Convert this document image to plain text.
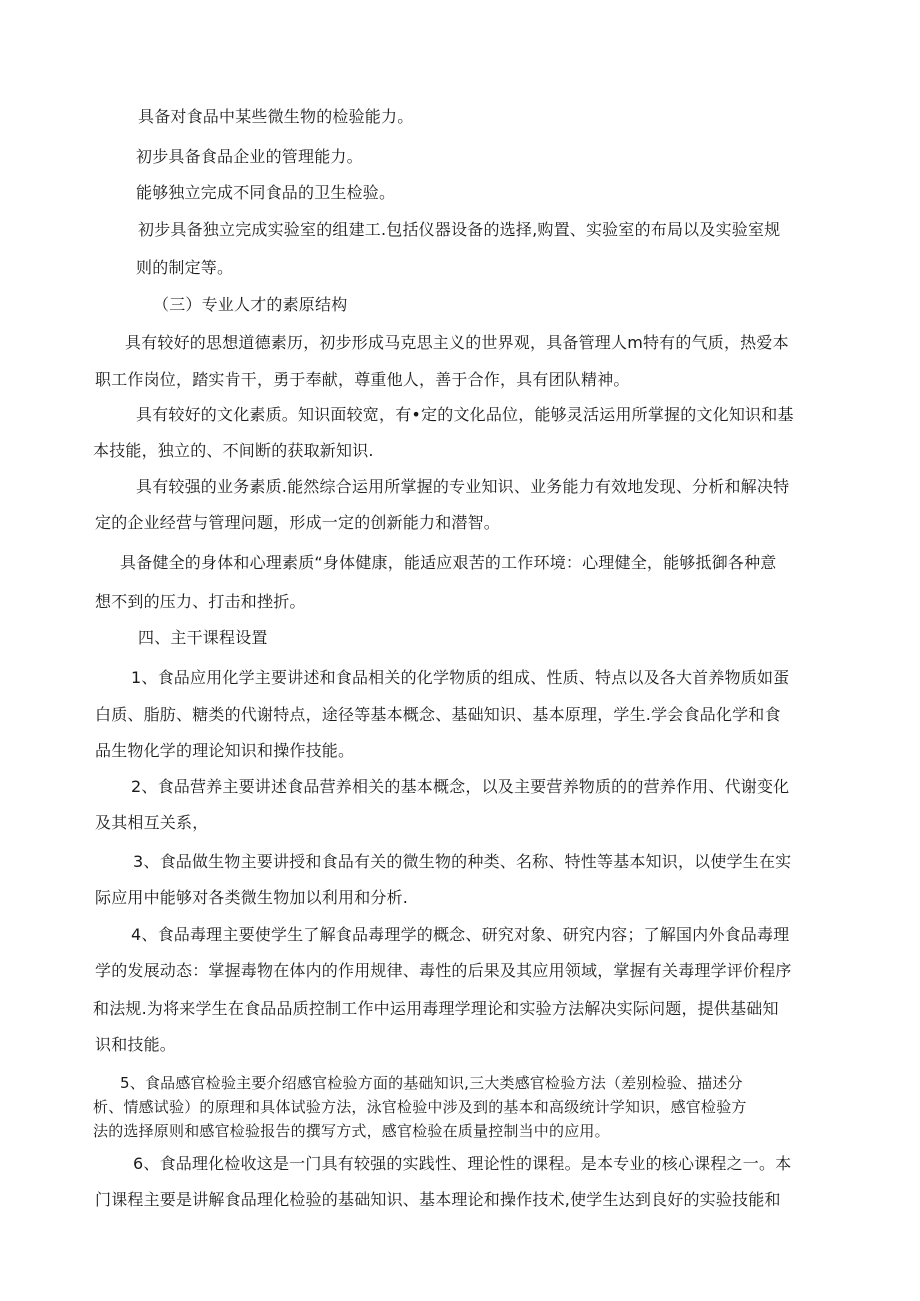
具备对食品中某些微生物的检验能力。
初步具备食品企业的管理能力。
能够独立完成不同食品的卫生检验。
初步具备独立完成实验室的组建工.包括仪器设备的选择,购置、实验室的布局以及实验室规
则的制定等。
（三）专业人才的素原结构
具有较好的思想道德素历，初步形成马克思主义的世界观，具备管理人m特有的气质，热爱本
职工作岗位，踏实肯干，勇于奉献，尊重他人，善于合作，具有团队精神。
具有较好的文化素质。知识面较宽，有•定的文化品位，能够灵活运用所掌握的文化知识和基
本技能，独立的、不间断的获取新知识.
具有较强的业务素质.能然综合运用所掌握的专业知识、业务能力有效地发现、分析和解决特
定的企业经营与管理问题，形成一定的创新能力和潜智。
具备健全的身体和心理素质“身体健康，能适应艰苦的工作环境：心理健全，能够抵御各种意
想不到的压力、打击和挫折。
四、主干课程设置
1、食品应用化学主要讲述和食品相关的化学物质的组成、性质、特点以及各大首养物质如蛋
白质、脂肪、糖类的代谢特点，途径等基本概念、基础知识、基本原理，学生.学会食品化学和食
品生物化学的理论知识和操作技能。
2、食品营养主要讲述食品营养相关的基本概念，以及主要营养物质的的营养作用、代谢变化
及其相互关系，
3、食品做生物主要讲授和食品有关的微生物的种类、名称、特性等基本知识，以使学生在实
际应用中能够对各类微生物加以利用和分析.
4、食品毒理主要使学生了解食品毒理学的概念、研究对象、研究内容；了解国内外食品毒理
学的发展动态：掌握毒物在体内的作用规律、毒性的后果及其应用领域，掌握有关毒理学评价程序
和法规.为将来学生在食品品质控制工作中运用毒理学理论和实验方法解决实际问题，提供基础知
识和技能。
5、食品感官检验主要介绍感官检验方面的基础知识,三大类感官检验方法（差别检验、描述分
析、情感试验）的原理和具体试验方法，泳官检验中涉及到的基本和高级统计学知识，感官检验方
法的选择原则和感官检验报告的撰写方式，感官检验在质量控制当中的应用。
6、食品理化检收这是一门具有较强的实践性、理论性的课程。是本专业的核心课程之一。本
门课程主要是讲解食品理化检验的基础知识、基本理论和操作技术,使学生达到良好的实验技能和
